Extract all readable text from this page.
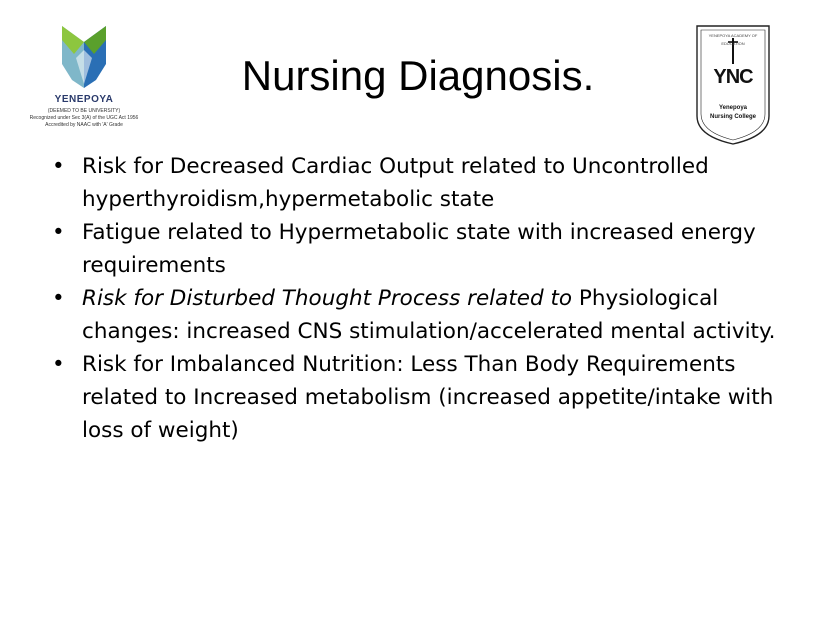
YENEPOYA
(DEEMED TO BE UNIVERSITY)
Recognized under Sec 3(A) of the UGC Act 1956
Accredited by NAAC with 'A' Grade
YENEPOYA ACADEMY OF EDUCATION
YNC
Yenepoya
Nursing College
Nursing Diagnosis.
• Risk for Decreased Cardiac Output related to Uncontrolled hyperthyroidism,hypermetabolic state
• Fatigue related to Hypermetabolic state with increased energy requirements
• Risk for Disturbed Thought Process related to Physiological changes: increased CNS stimulation/accelerated mental activity.
• Risk for Imbalanced Nutrition: Less Than Body Requirements related to Increased metabolism (increased appetite/intake with loss of weight)
